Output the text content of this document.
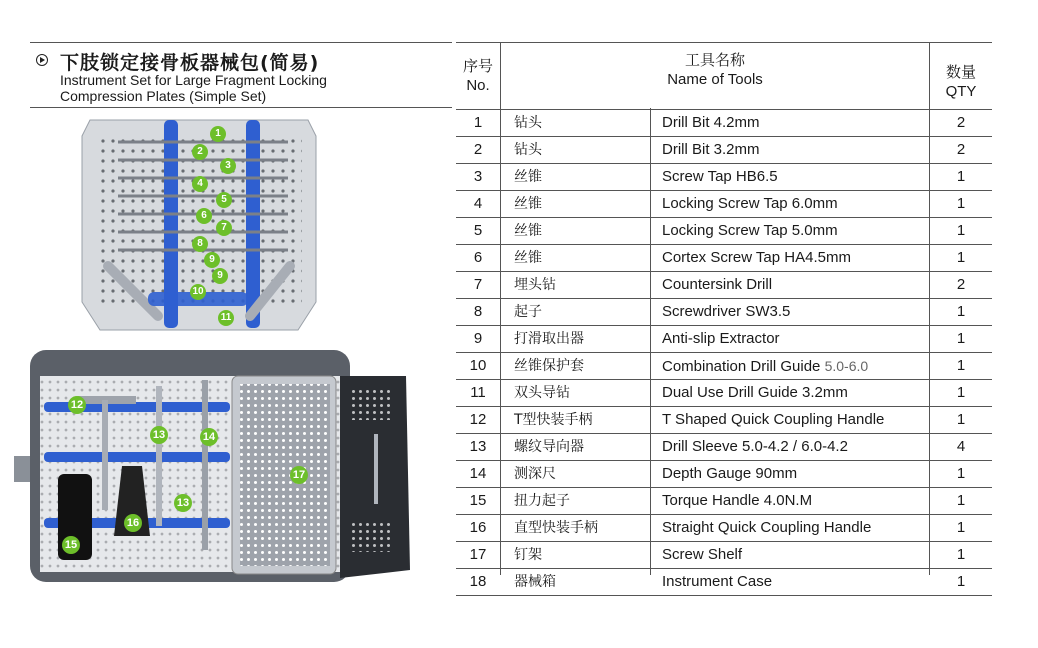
下肢锁定接骨板器械包(简易)
Instrument Set for Large Fragment Locking
Compression Plates (Simple Set)
1
2
3
4
5
6
7
8
9
9
10
11
12
13	14
13
15
16
17
序号
No.
工具名称
Name of Tools	数量
QTY
1	钻头	Drill Bit 4.2mm	2
2	钻头	Drill Bit 3.2mm	2
3	丝锥	Screw Tap HB6.5	1
4	丝锥	Locking Screw Tap 6.0mm	1
5	丝锥	Locking Screw Tap 5.0mm	1
6	丝锥	Cortex Screw Tap HA4.5mm	1
7	埋头钻	Countersink Drill	2
8	起子	Screwdriver SW3.5	1
9	打滑取出器	Anti-slip Extractor	1
10	丝锥保护套	Combination Drill Guide 5.0-6.0	1
11	双头导钻	Dual Use Drill Guide 3.2mm	1
12	T型快装手柄	T Shaped Quick Coupling Handle	1
13	螺纹导向器	Drill Sleeve 5.0-4.2 / 6.0-4.2	4
14	测深尺	Depth Gauge 90mm	1
15	扭力起子	Torque Handle 4.0N.M	1
16	直型快装手柄	Straight Quick Coupling Handle	1
17	钉架	Screw Shelf	1
18	器械箱	Instrument Case	1
